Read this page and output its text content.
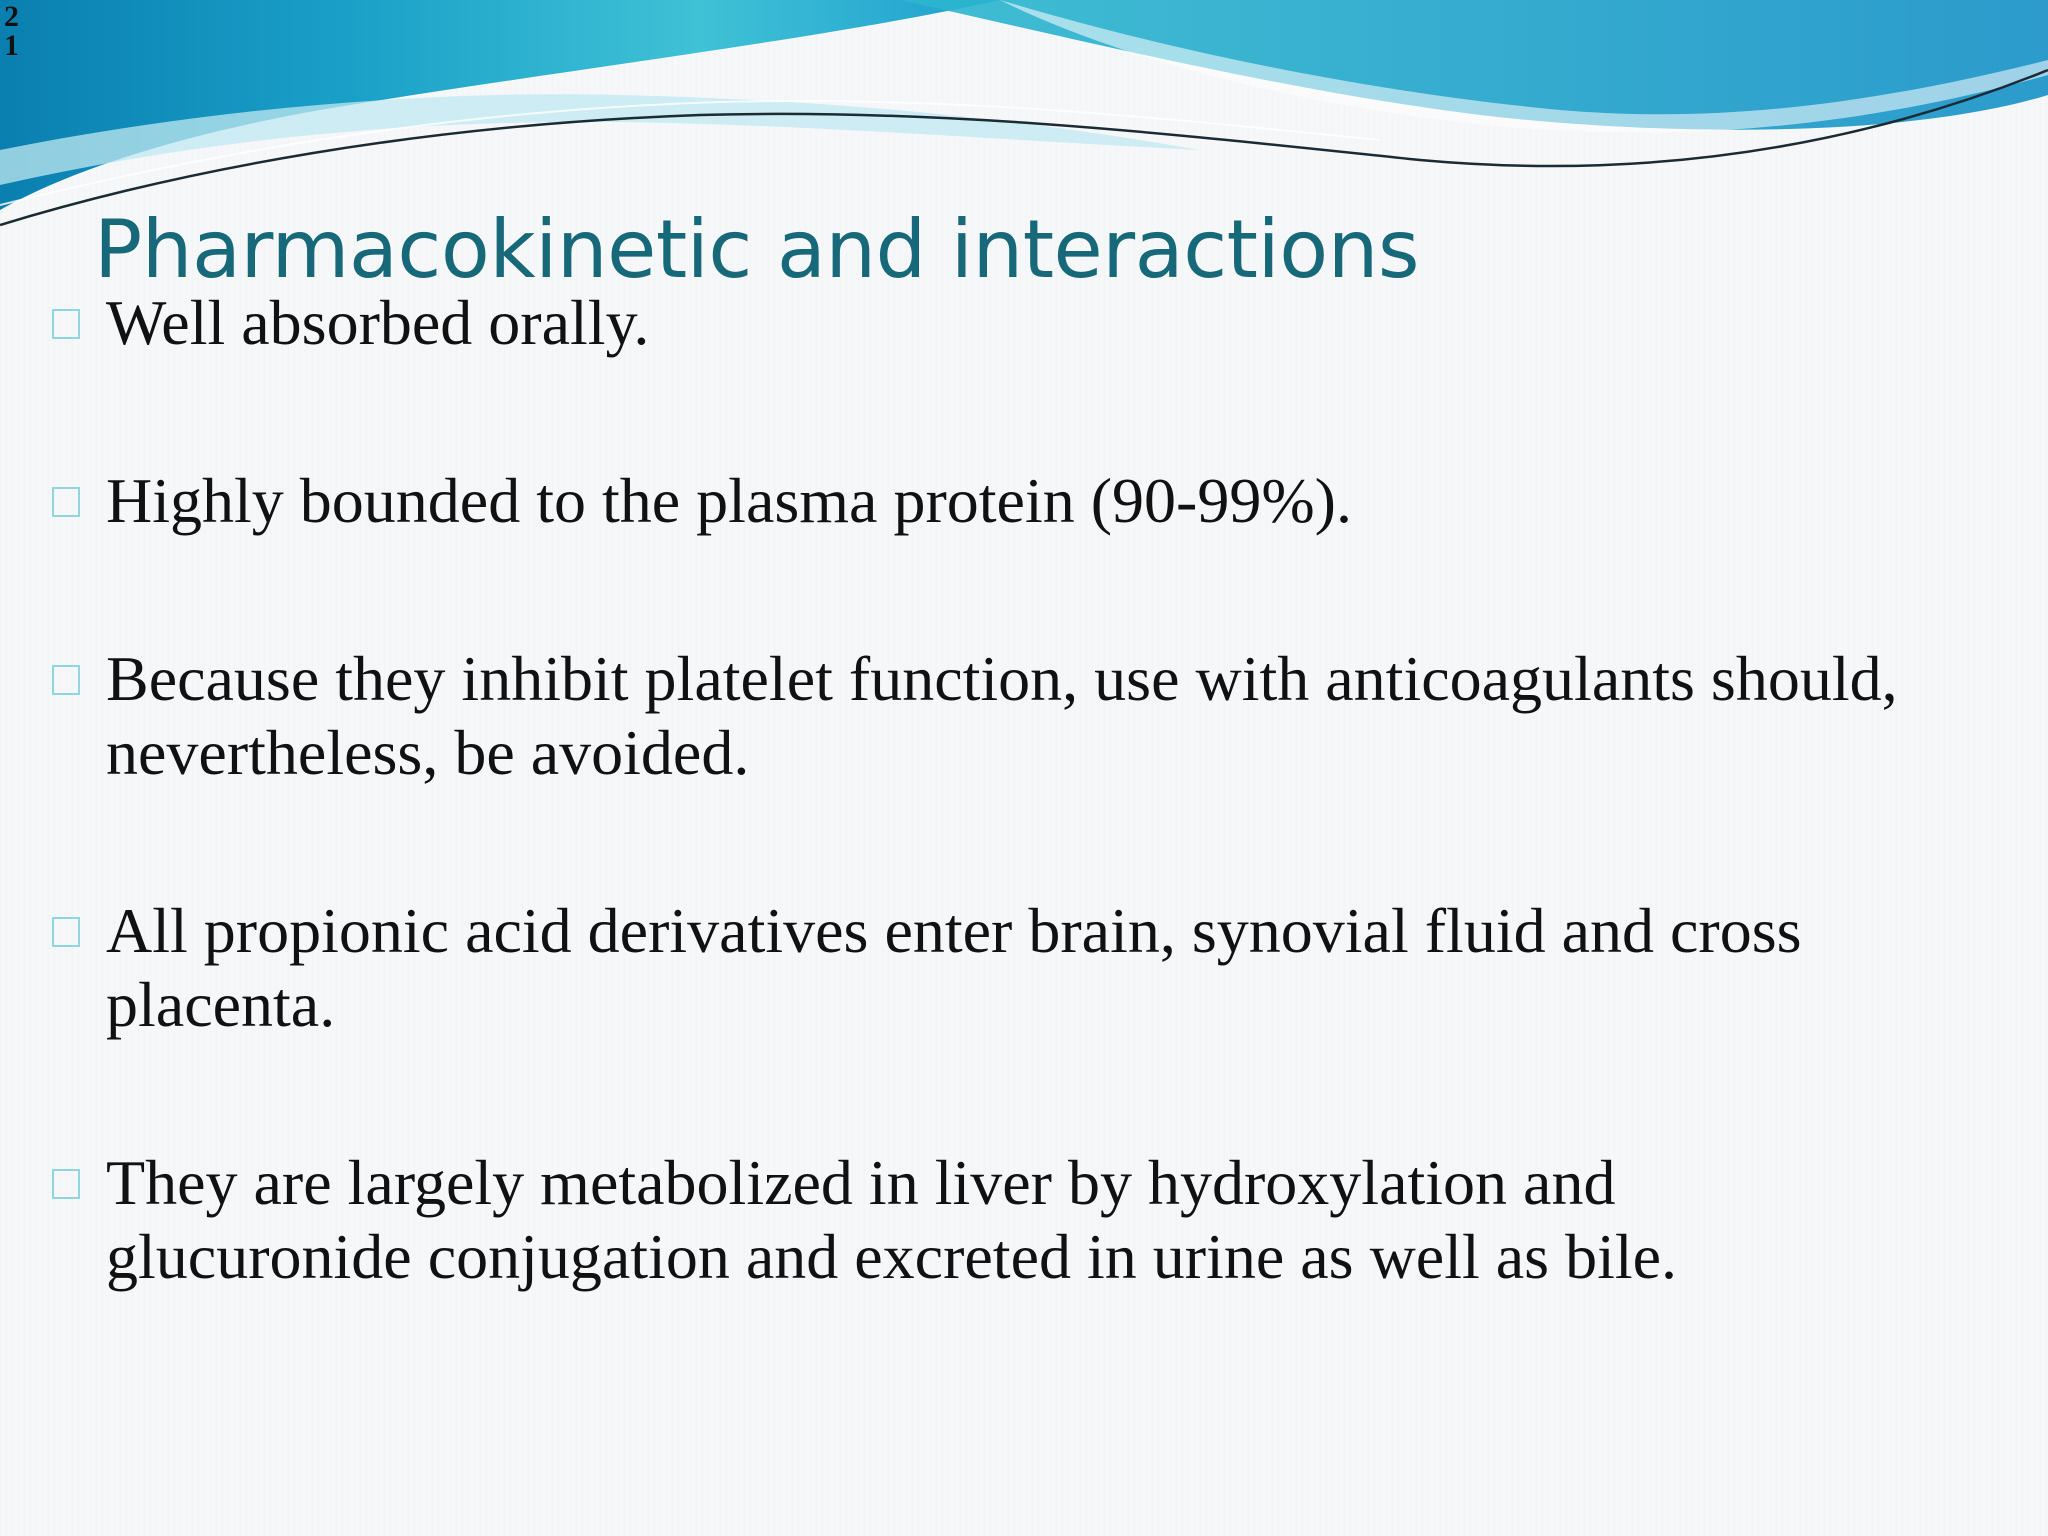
21
Pharmacokinetic and interactions
Well absorbed orally.
Highly bounded to the plasma protein (90-99%).
Because they inhibit platelet function, use with anticoagulants should, nevertheless, be avoided.
All propionic acid derivatives enter brain, synovial fluid and cross placenta.
They are largely metabolized in liver by hydroxylation and glucuronide conjugation and excreted in urine as well as bile.
